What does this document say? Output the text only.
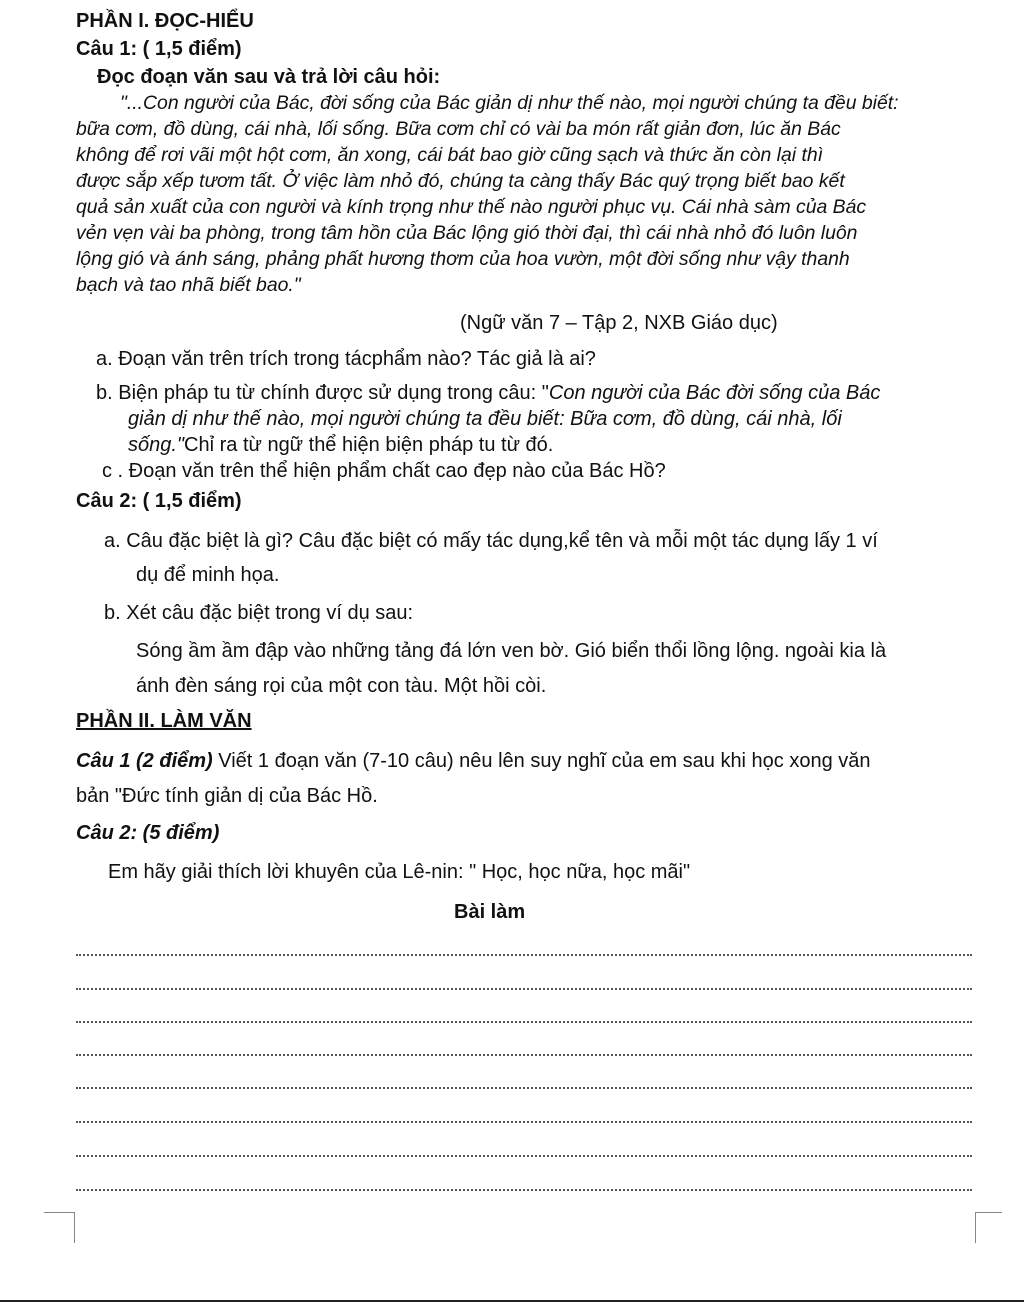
PHẦN I. ĐỌC-HIỂU
Câu 1: ( 1,5 điểm)
Đọc đoạn văn sau và trả lời câu hỏi:
"...Con người của Bác, đời sống của Bác giản dị như thế nào, mọi người chúng ta đều biết:
bữa cơm, đồ dùng, cái nhà, lối sống. Bữa cơm chỉ có vài ba món rất giản đơn, lúc ăn Bác
không để rơi vãi một hột cơm, ăn xong, cái bát bao giờ cũng sạch và thức ăn còn lại thì
được sắp xếp tươm tất. Ở việc làm nhỏ đó, chúng ta càng thấy Bác quý trọng biết bao kết
quả sản xuất của con người và kính trọng như thế nào người phục vụ. Cái nhà sàm của Bác
vẻn vẹn vài ba phòng, trong tâm hồn của Bác lộng gió thời đại, thì cái nhà nhỏ đó luôn luôn
lộng gió và ánh sáng, phảng phất hương thơm của hoa vườn, một đời sống như vậy thanh
bạch và tao nhã biết bao."
(Ngữ văn 7 – Tập 2, NXB Giáo dục)
a. Đoạn văn trên trích trong tácphẩm nào? Tác giả là ai?
b. Biện pháp tu từ chính được sử dụng trong câu: "Con người của Bác đời sống của Bác
giản dị như thế nào, mọi người chúng ta đều biết: Bữa cơm, đồ dùng, cái nhà, lối
sống."Chỉ ra từ ngữ thể hiện biện pháp tu từ đó.
c . Đoạn văn trên thể hiện phẩm chất cao đẹp nào của Bác Hồ?
Câu 2: ( 1,5 điểm)
a. Câu đặc biệt là gì? Câu đặc biệt có mấy tác dụng,kể tên và mỗi một tác dụng lấy 1 ví
dụ để minh họa.
b. Xét câu đặc biệt trong ví dụ sau:
Sóng ầm ầm đập vào những tảng đá lớn ven bờ. Gió biển thổi lồng lộng. ngoài kia là
ánh đèn sáng rọi của một con tàu. Một hồi còi.
PHẦN II. LÀM VĂN
Câu 1 (2 điểm) Viết 1 đoạn văn (7-10 câu) nêu lên suy nghĩ của em sau khi học xong văn
bản "Đức tính giản dị của Bác Hồ.
Câu 2: (5 điểm)
Em hãy giải thích lời khuyên của Lê-nin: " Học, học nữa, học mãi"
Bài làm
